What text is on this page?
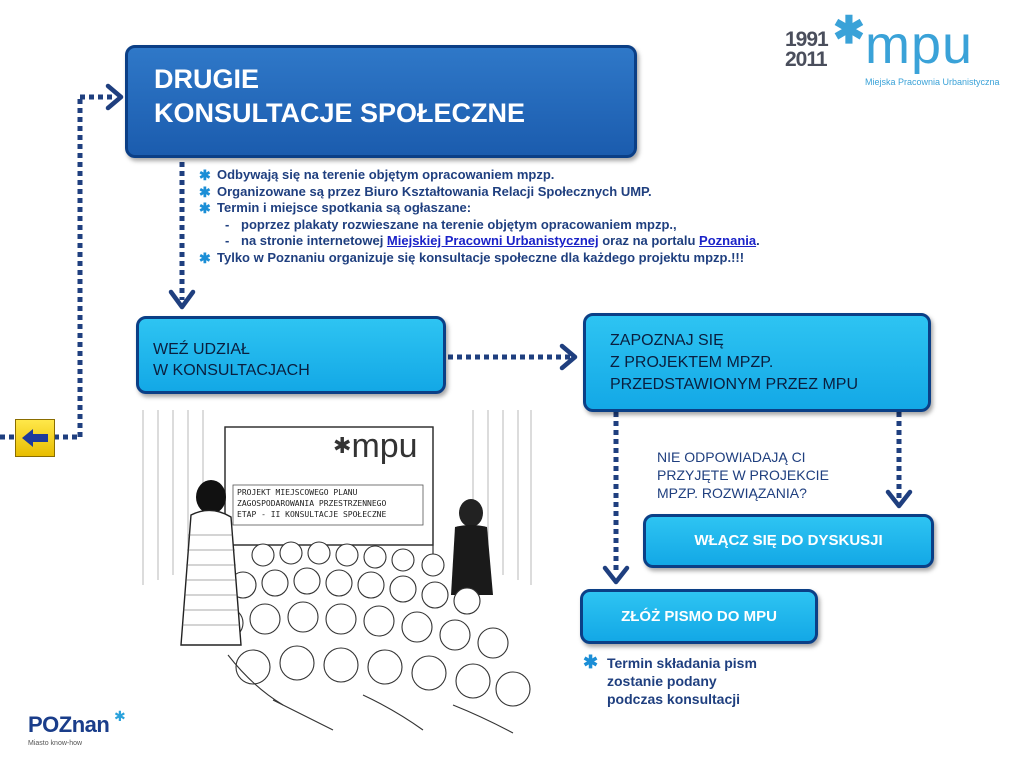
1991
2011
✱ mpu
Miejska Pracownia Urbanistyczna
DRUGIE
KONSULTACJE SPOŁECZNE
✱ Odbywają się na terenie objętym opracowaniem mpzp.
✱ Organizowane są przez Biuro Kształtowania Relacji Społecznych UMP.
✱ Termin i miejsce spotkania są ogłaszane:
- poprzez plakaty rozwieszane na terenie objętym opracowaniem mpzp.,
- na stronie internetowej Miejskiej Pracowni Urbanistycznej oraz na portalu Poznania.
✱ Tylko w Poznaniu organizuje się konsultacje społeczne dla każdego projektu mpzp.!!!
WEŹ UDZIAŁ
W KONSULTACJACH
ZAPOZNAJ SIĘ
Z PROJEKTEM MPZP.
PRZEDSTAWIONYM PRZEZ MPU
NIE ODPOWIADAJĄ CI
PRZYJĘTE W PROJEKCIE
MPZP. ROZWIĄZANIA?
WŁĄCZ SIĘ DO DYSKUSJI
ZŁÓŻ PISMO DO MPU
✱ Termin składania pism
zostanie podany
podczas konsultacji
✱mpu
PROJEKT MIEJSCOWEGO PLANU
ZAGOSPODAROWANIA PRZESTRZENNEGO
ETAP - II KONSULTACJE SPOŁECZNE
POZnan ✱
Miasto know-how
